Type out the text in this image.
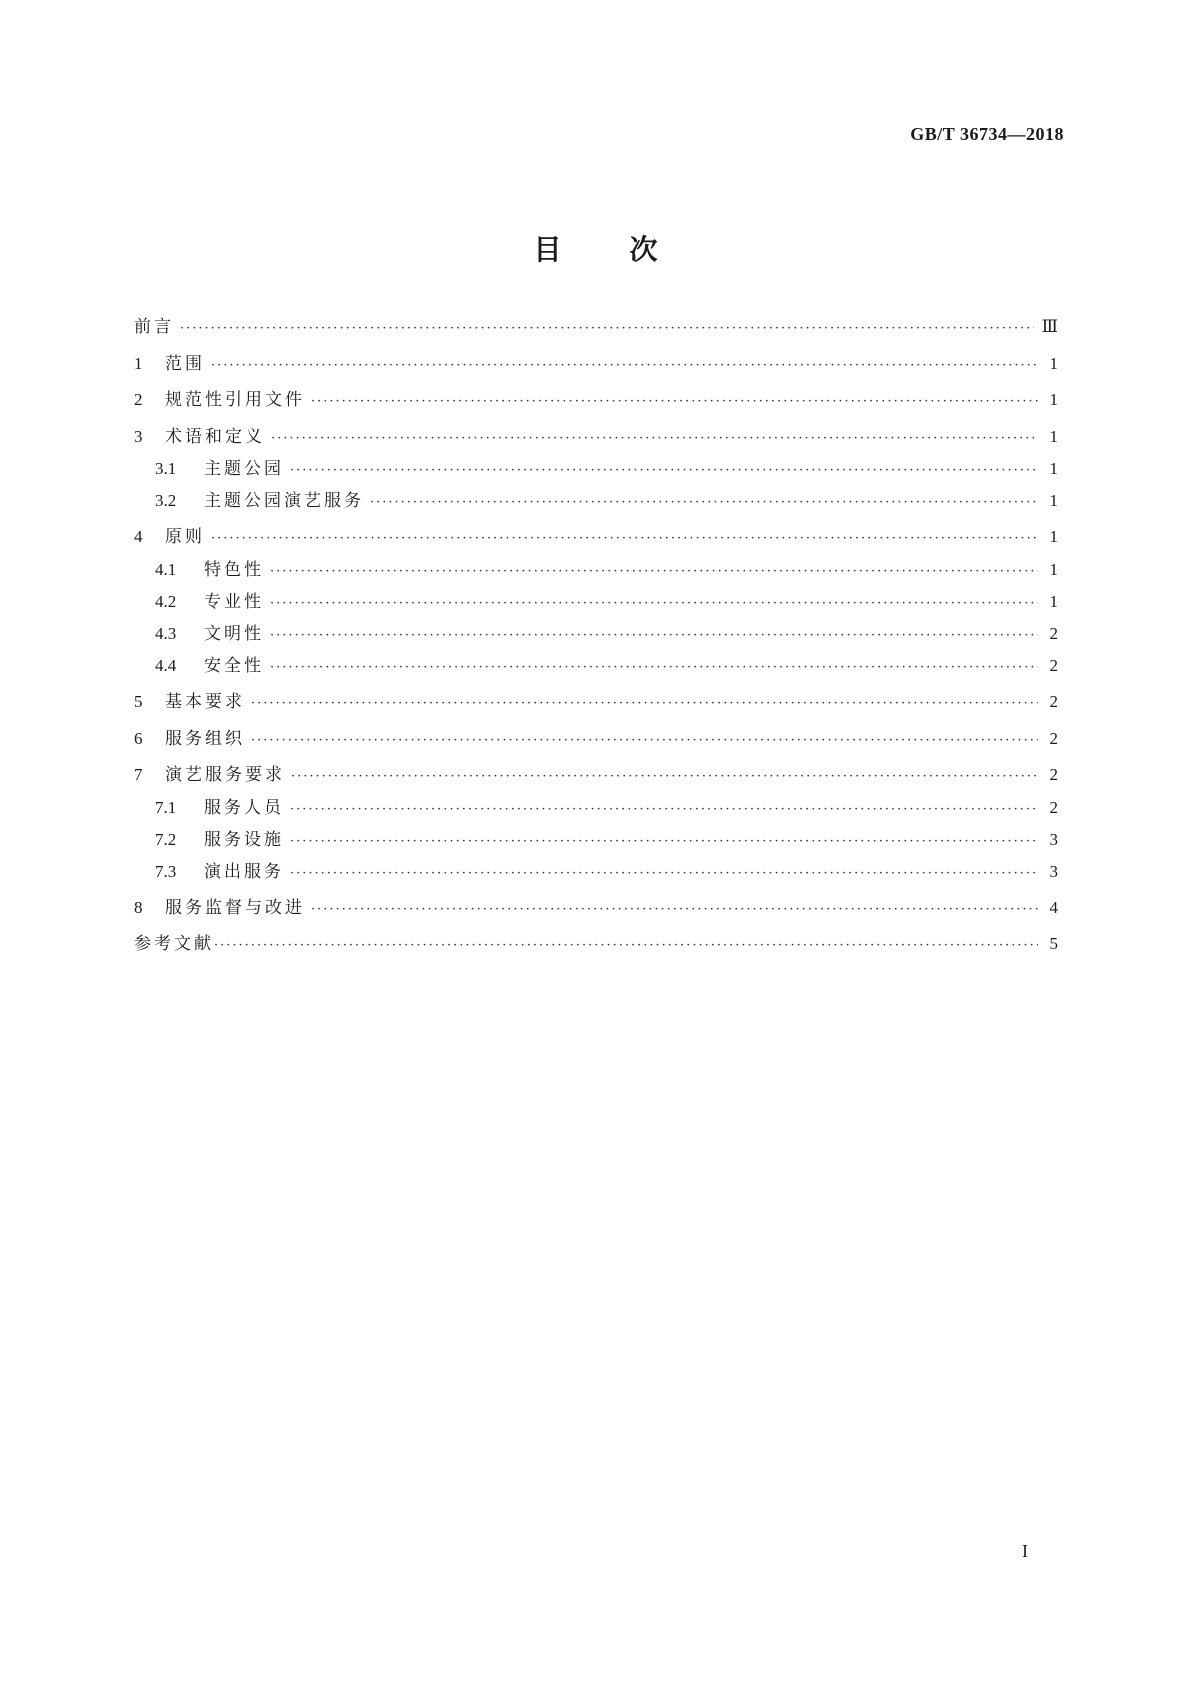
GB/T 36734—2018
目次
前言 ·····	Ⅲ
1	范围 ·····	1
2	规范性引用文件 ·····	1
3	术语和定义 ·····	1
3.1	主题公园 ·····	1
3.2	主题公园演艺服务 ·····	1
4	原则 ·····	1
4.1	特色性 ·····	1
4.2	专业性 ·····	1
4.3	文明性 ·····	2
4.4	安全性 ·····	2
5	基本要求 ·····	2
6	服务组织 ·····	2
7	演艺服务要求 ·····	2
7.1	服务人员 ·····	2
7.2	服务设施 ·····	3
7.3	演出服务 ·····	3
8	服务监督与改进 ·····	4
参考文献 ·····	5
I
